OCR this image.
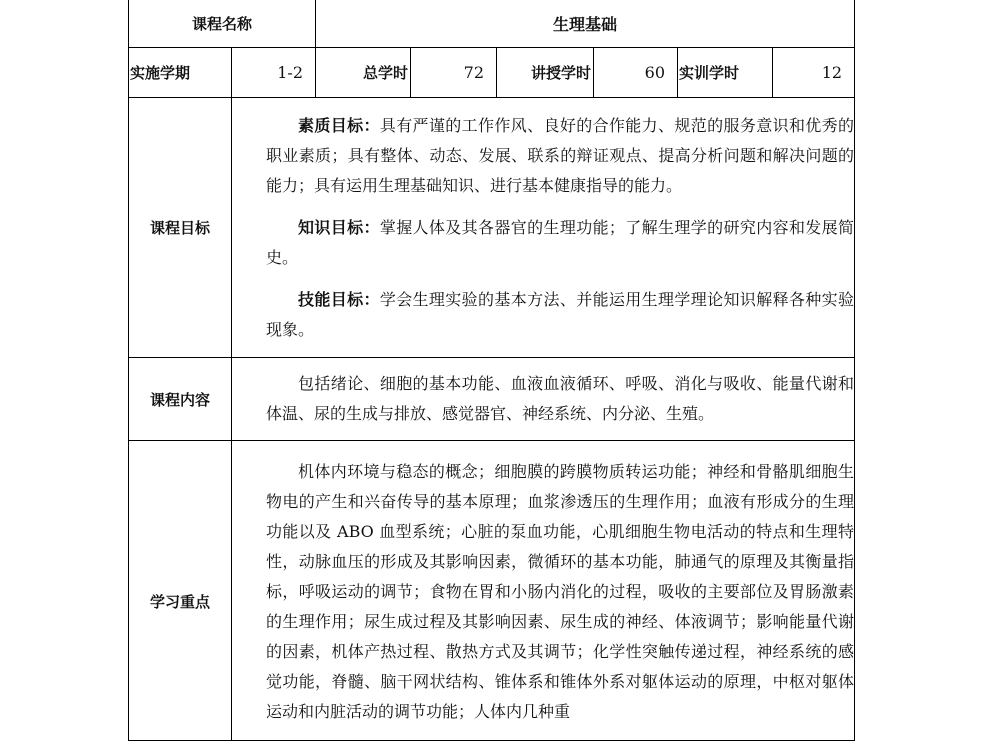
课程名称		生理基础					
实施学期	1-2	总学时	72	讲授学时	60	实训学时	12
课程目标	素质目标：具有严谨的工作作风、良好的合作能力、规范的服务意识和优秀的职业素质；具有整体、动态、发展、联系的辩证观点、提高分析问题和解决问题的能力；具有运用生理基础知识、进行基本健康指导的能力。

知识目标：掌握人体及其各器官的生理功能；了解生理学的研究内容和发展简史。

技能目标：学会生理实验的基本方法、并能运用生理学理论知识解释各种实验现象。						

课程内容	包括绪论、细胞的基本功能、血液血液循环、呼吸、消化与吸收、能量代谢和体温、尿的生成与排放、感觉器官、神经系统、内分泌、生殖。						

学习重点	机体内环境与稳态的概念；细胞膜的跨膜物质转运功能；神经和骨骼肌细胞生物电的产生和兴奋传导的基本原理；血浆渗透压的生理作用；血液有形成分的生理功能以及 ABO 血型系统；心脏的泵血功能，心肌细胞生物电活动的特点和生理特性，动脉血压的形成及其影响因素，微循环的基本功能，肺通气的原理及其衡量指标，呼吸运动的调节；食物在胃和小肠内消化的过程，吸收的主要部位及胃肠激素的生理作用；尿生成过程及其影响因素、尿生成的神经、体液调节；影响能量代谢的因素，机体产热过程、散热方式及其调节；化学性突触传递过程，神经系统的感觉功能，脊髓、脑干网状结构、锥体系和锥体外系对躯体运动的原理，中枢对躯体运动和内脏活动的调节功能；人体内几种重						
